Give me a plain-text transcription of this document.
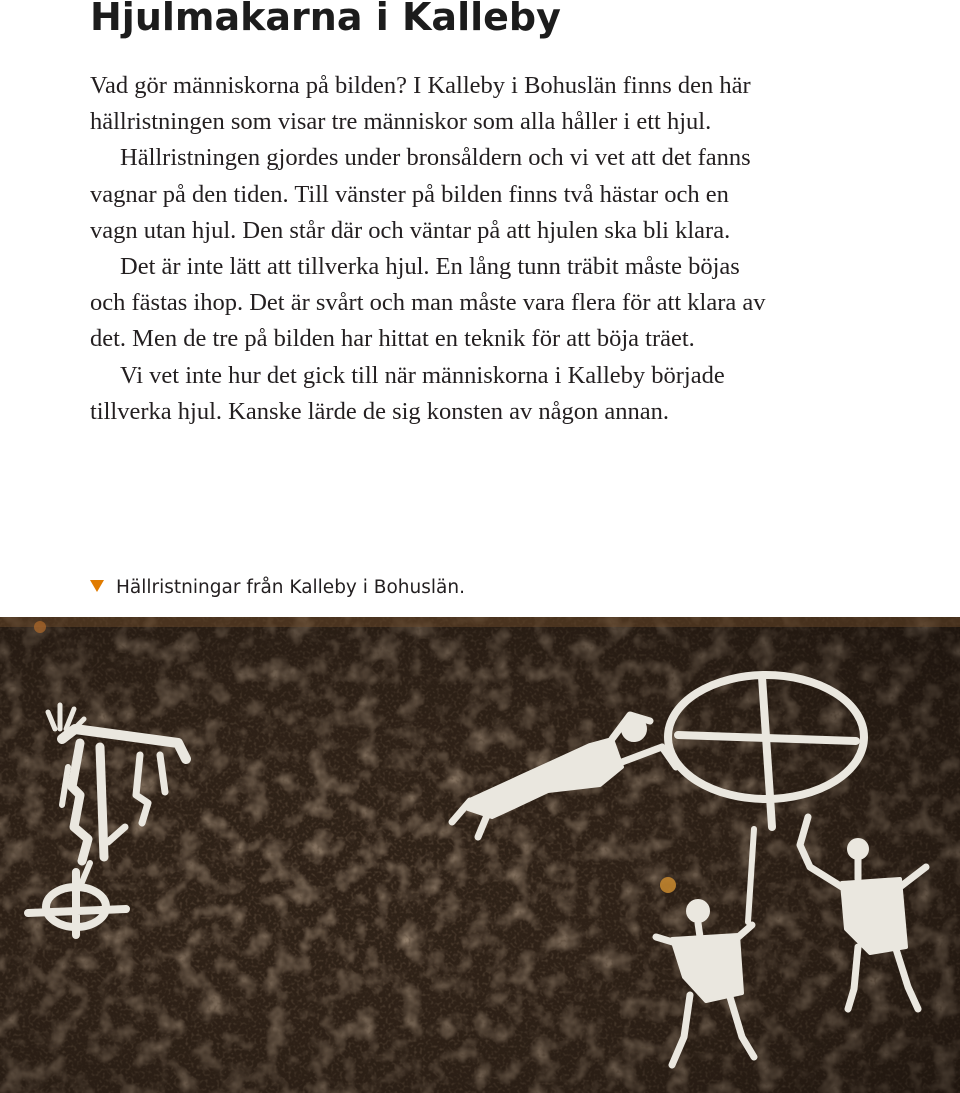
Hjulmakarna i Kalleby

Vad gör människorna på bilden? I Kalleby i Bohuslän finns den här hällristningen som visar tre människor som alla håller i ett hjul.

Hällristningen gjordes under bronsåldern och vi vet att det fanns vagnar på den tiden. Till vänster på bilden finns två hästar och en vagn utan hjul. Den står där och väntar på att hjulen ska bli klara.

Det är inte lätt att tillverka hjul. En lång tunn träbit måste böjas och fästas ihop. Det är svårt och man måste vara flera för att klara av det. Men de tre på bilden har hittat en teknik för att böja träet.

Vi vet inte hur det gick till när människorna i Kalleby började tillverka hjul. Kanske lärde de sig konsten av någon annan.

Hällristningar från Kalleby i Bohuslän.
